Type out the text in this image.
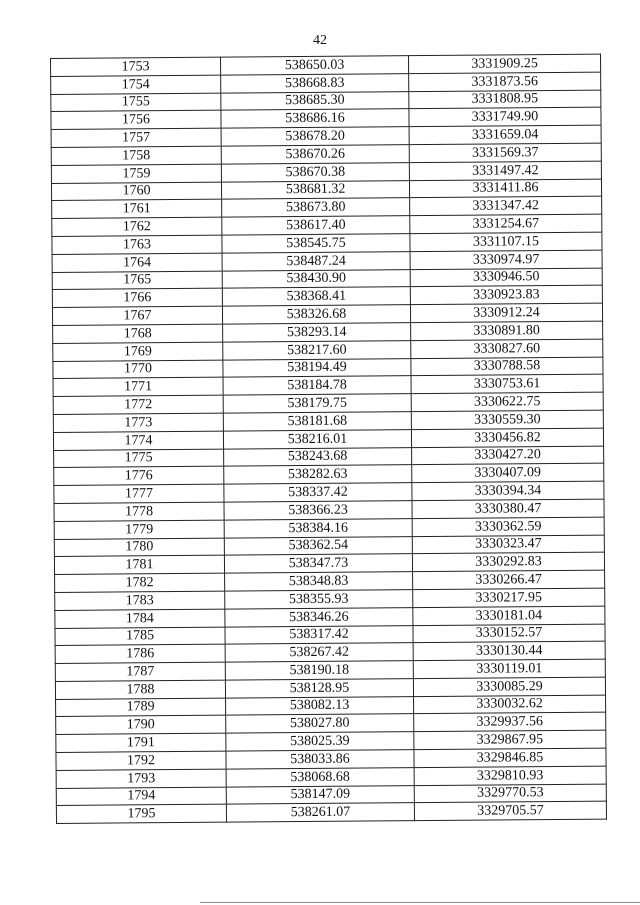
42
1753	538650.03	3331909.25
1754	538668.83	3331873.56
1755	538685.30	3331808.95
1756	538686.16	3331749.90
1757	538678.20	3331659.04
1758	538670.26	3331569.37
1759	538670.38	3331497.42
1760	538681.32	3331411.86
1761	538673.80	3331347.42
1762	538617.40	3331254.67
1763	538545.75	3331107.15
1764	538487.24	3330974.97
1765	538430.90	3330946.50
1766	538368.41	3330923.83
1767	538326.68	3330912.24
1768	538293.14	3330891.80
1769	538217.60	3330827.60
1770	538194.49	3330788.58
1771	538184.78	3330753.61
1772	538179.75	3330622.75
1773	538181.68	3330559.30
1774	538216.01	3330456.82
1775	538243.68	3330427.20
1776	538282.63	3330407.09
1777	538337.42	3330394.34
1778	538366.23	3330380.47
1779	538384.16	3330362.59
1780	538362.54	3330323.47
1781	538347.73	3330292.83
1782	538348.83	3330266.47
1783	538355.93	3330217.95
1784	538346.26	3330181.04
1785	538317.42	3330152.57
1786	538267.42	3330130.44
1787	538190.18	3330119.01
1788	538128.95	3330085.29
1789	538082.13	3330032.62
1790	538027.80	3329937.56
1791	538025.39	3329867.95
1792	538033.86	3329846.85
1793	538068.68	3329810.93
1794	538147.09	3329770.53
1795	538261.07	3329705.57
